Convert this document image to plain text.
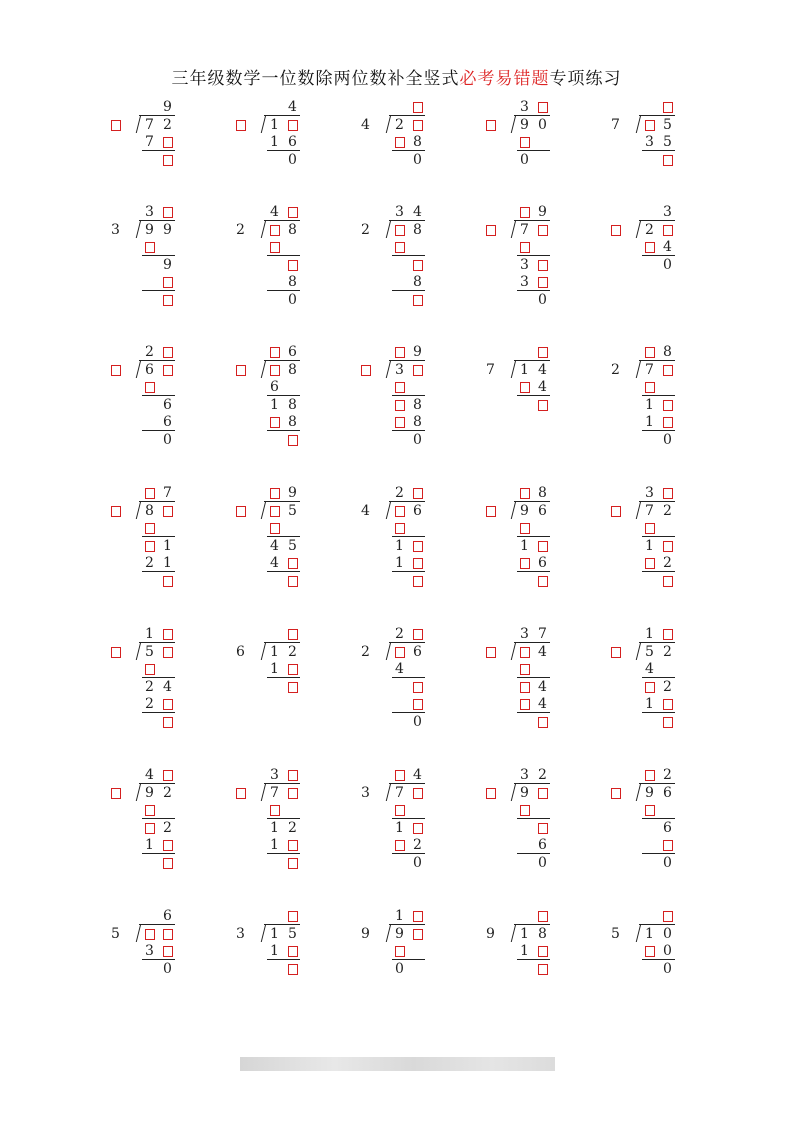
三年级数学一位数除两位数补全竖式必考易错题专项练习
9
7 2
7
4
1
1 6
0
4 2
8
0
3
9 0
0
7	5
3 5
3
3 9 9
9
4
2	8
8
0
3 4
2	8
8
9
7
3
3
0
3
2
4
0
2
6
6
6
0
6
8
6
1 8
8
9
3
8
8
0
7 1 4
4
8
2 7
1
1
0
7
8
1
2 1
9
5
4 5
4
2
4	6
1
1
8
9 6
1
6
3
7 2
1
2
1
5
2 4
2
6 1 2
1
2
2	6
4
0
3 7
4
4
4
1
5 2
4
2
1
4
9 2
2
1
3
7
1 2
1
4
3 7
1
2
0
3 2
9
6
0
2
9 6
6
0
6
5
3
0
3 1 5
1
1
9 9
0
9 1 8
1
5 1 0
0
0
